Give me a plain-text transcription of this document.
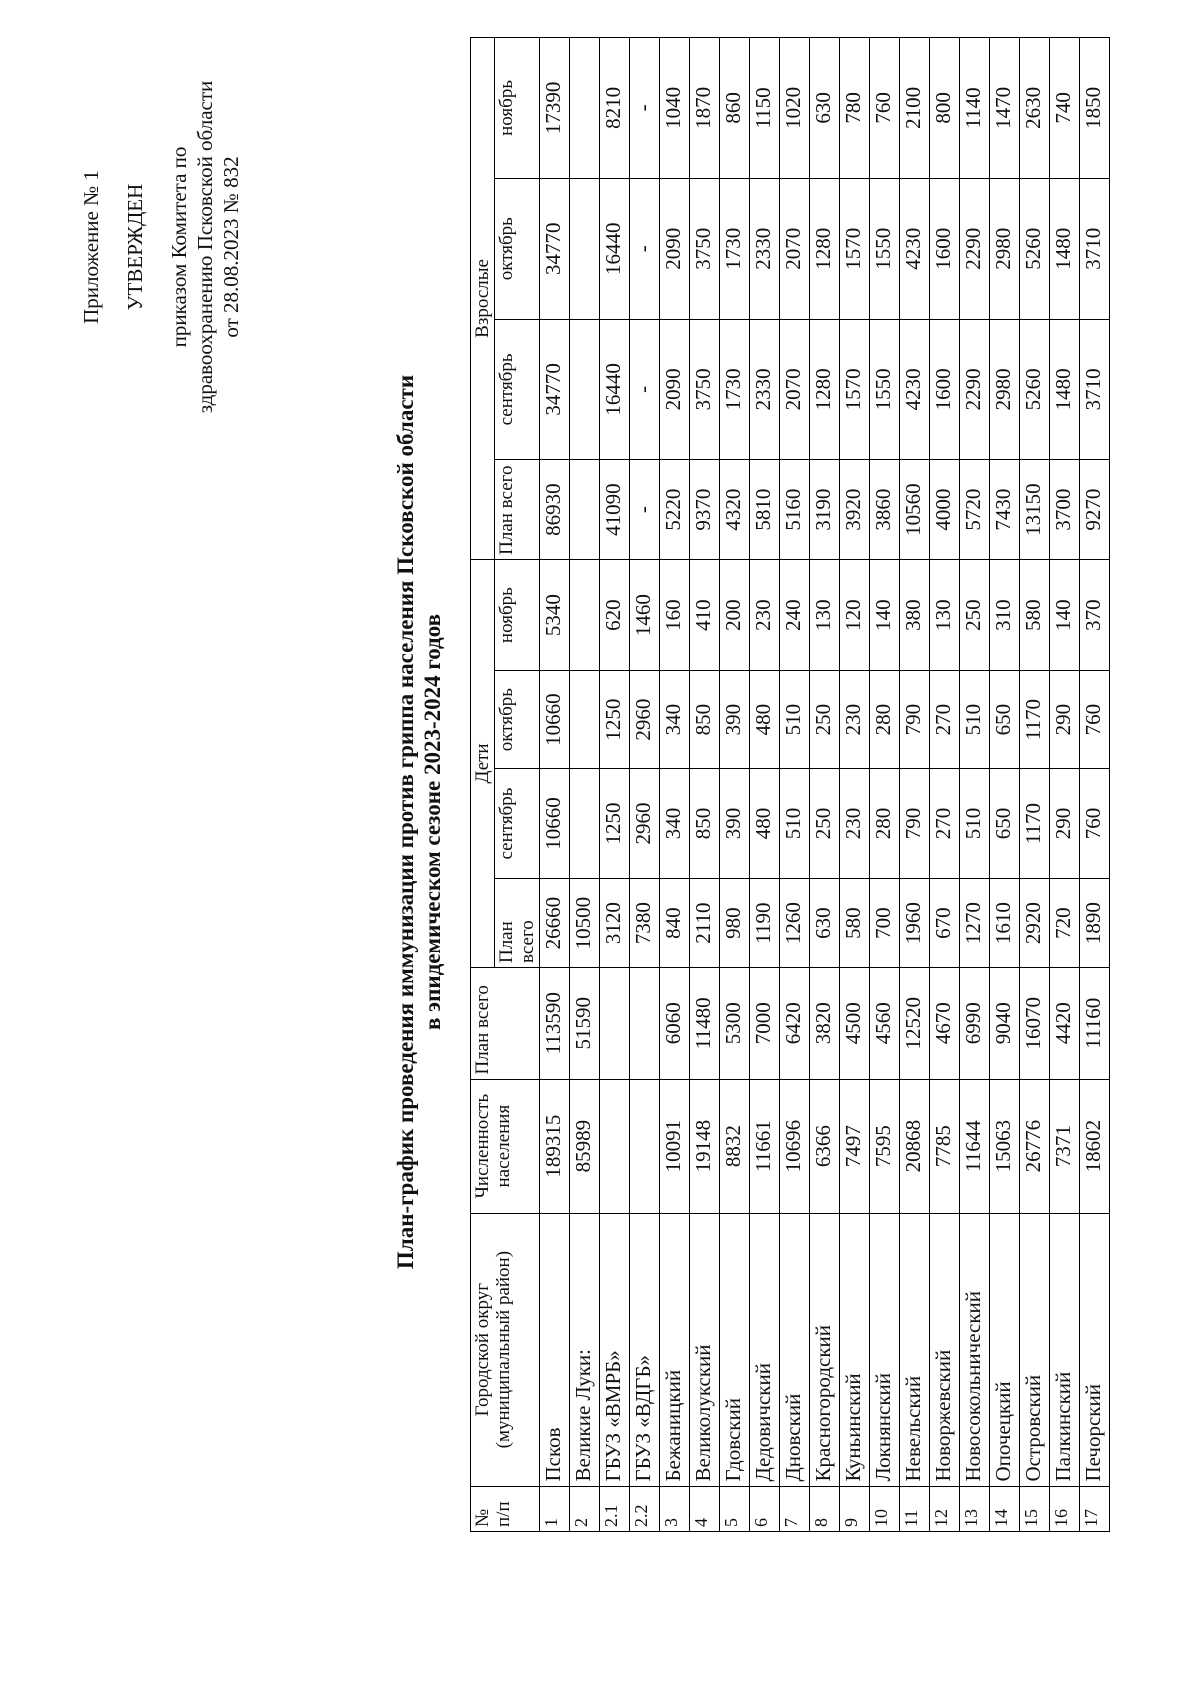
Приложение № 1 УТВЕРЖДЕН приказом Комитета по здравоохранению Псковской области от 28.08.2023 № 832
План-график проведения иммунизации против гриппа населения Псковской области в эпидемическом сезоне 2023-2024 годов
№ п/п	Городской округ (муниципальный район)	Численность населения	План всего	Дети				Взрослые			
				План всего	сентябрь	октябрь	ноябрь	План всего	сентябрь	октябрь	ноябрь
1	Псков	189315	113590	26660	10660	10660	5340	86930	34770	34770	17390
2	Великие Луки:	85989	51590	10500							
2.1	ГБУЗ «ВМРБ»			3120	1250	1250	620	41090	16440	16440	8210
2.2	ГБУЗ «ВДГБ»			7380	2960	2960	1460	-	-	-	-
3	Бежаницкий	10091	6060	840	340	340	160	5220	2090	2090	1040
4	Великолукский	19148	11480	2110	850	850	410	9370	3750	3750	1870
5	Гдовский	8832	5300	980	390	390	200	4320	1730	1730	860
6	Дедовичский	11661	7000	1190	480	480	230	5810	2330	2330	1150
7	Дновский	10696	6420	1260	510	510	240	5160	2070	2070	1020
8	Красногородский	6366	3820	630	250	250	130	3190	1280	1280	630
9	Куньинский	7497	4500	580	230	230	120	3920	1570	1570	780
10	Локнянский	7595	4560	700	280	280	140	3860	1550	1550	760
11	Невельский	20868	12520	1960	790	790	380	10560	4230	4230	2100
12	Новоржевский	7785	4670	670	270	270	130	4000	1600	1600	800
13	Новосокольнический	11644	6990	1270	510	510	250	5720	2290	2290	1140
14	Опочецкий	15063	9040	1610	650	650	310	7430	2980	2980	1470
15	Островский	26776	16070	2920	1170	1170	580	13150	5260	5260	2630
16	Палкинский	7371	4420	720	290	290	140	3700	1480	1480	740
17	Печорский	18602	11160	1890	760	760	370	9270	3710	3710	1850
